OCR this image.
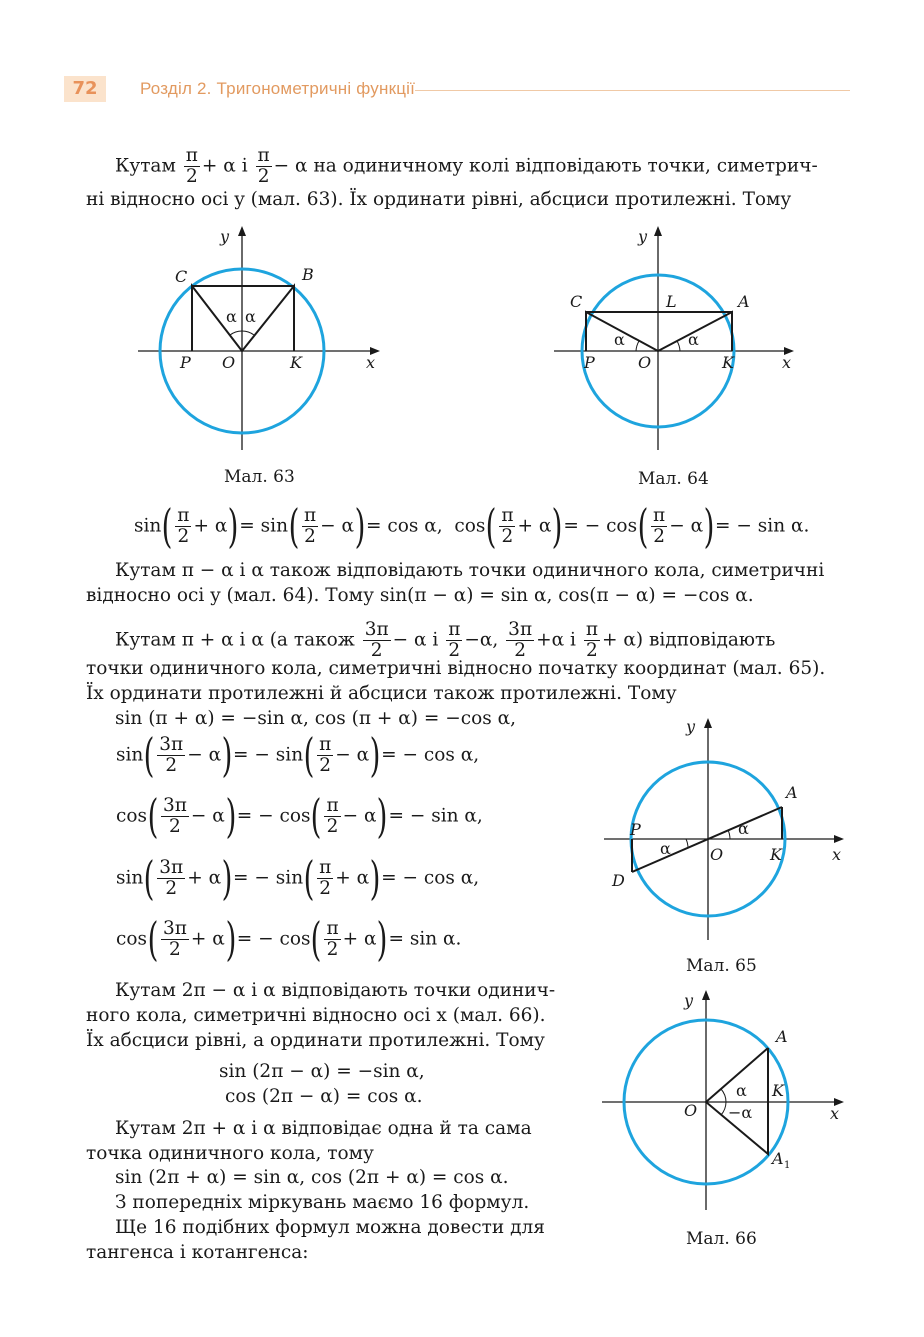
72	Розділ 2. Тригонометричні функції
Кутам $\frac{\pi}{2} + \alpha$ і $\frac{\pi}{2} - \alpha$ на одиничному колі відповідають точки, симетрич-
ні відносно осі y (мал. 63). Їх ординати рівні, абсциси протилежні. Тому
y
x
C	B
P O	K
α α
Мал. 63
y
x
C	L	A
P	O	K
α	α
Мал. 64
$\sin( \frac{\pi}{2} + \alpha)= \sin( \frac{\pi}{2} - \alpha)= \cos \alpha$, $\cos( \frac{\pi}{2} + \alpha)= - \cos( \frac{\pi}{2} - \alpha)= - \sin \alpha$.
Кутам π − α і α також відповідають точки одиничного кола, симетричні
відносно осі y (мал. 64). Тому sin(π − α) = sin α, cos(π − α) = −cos α.
Кутам π + α і α (а також $\frac{3\pi}{2} - \alpha$ і $\frac{\pi}{2} -\alpha$, $\frac{3\pi}{2} +\alpha$ і $\frac{\pi}{2} + \alpha$) відповідають
точки одиничного кола, симетричні відносно початку координат (мал. 65).
Їх ординати протилежні й абсциси також протилежні. Тому
sin (π + α) = −sin α, cos (π + α) = −cos α,
$\sin( \frac{3\pi}{2} - \alpha)= - \sin( \frac{\pi}{2} - \alpha)= - \cos \alpha$,
$\cos( \frac{3\pi}{2} - \alpha)= - \cos( \frac{\pi}{2} - \alpha)= - \sin \alpha$,
$\sin( \frac{3\pi}{2} + \alpha)= - \sin( \frac{\pi}{2} + \alpha)= - \cos \alpha$,
$\cos( \frac{3\pi}{2} + \alpha)= - \cos( \frac{\pi}{2} + \alpha)= \sin \alpha$.
y
x
A
P
O	K
D
α
α
Мал. 65
Кутам 2π − α і α відповідають точки одинич-
ного кола, симетричні відносно осі x (мал. 66).
Їх абсциси рівні, а ординати протилежні. Тому
sin (2π − α) = −sin α,
cos (2π − α) = cos α.
Кутам 2π + α і α відповідає одна й та сама
точка одиничного кола, тому
sin (2π + α) = sin α, cos (2π + α) = cos α.
З попередніх міркувань маємо 16 формул.
Ще 16 подібних формул можна довести для
тангенса і котангенса:
y
x
A
K
O
α
−α
A 1
Мал. 66
